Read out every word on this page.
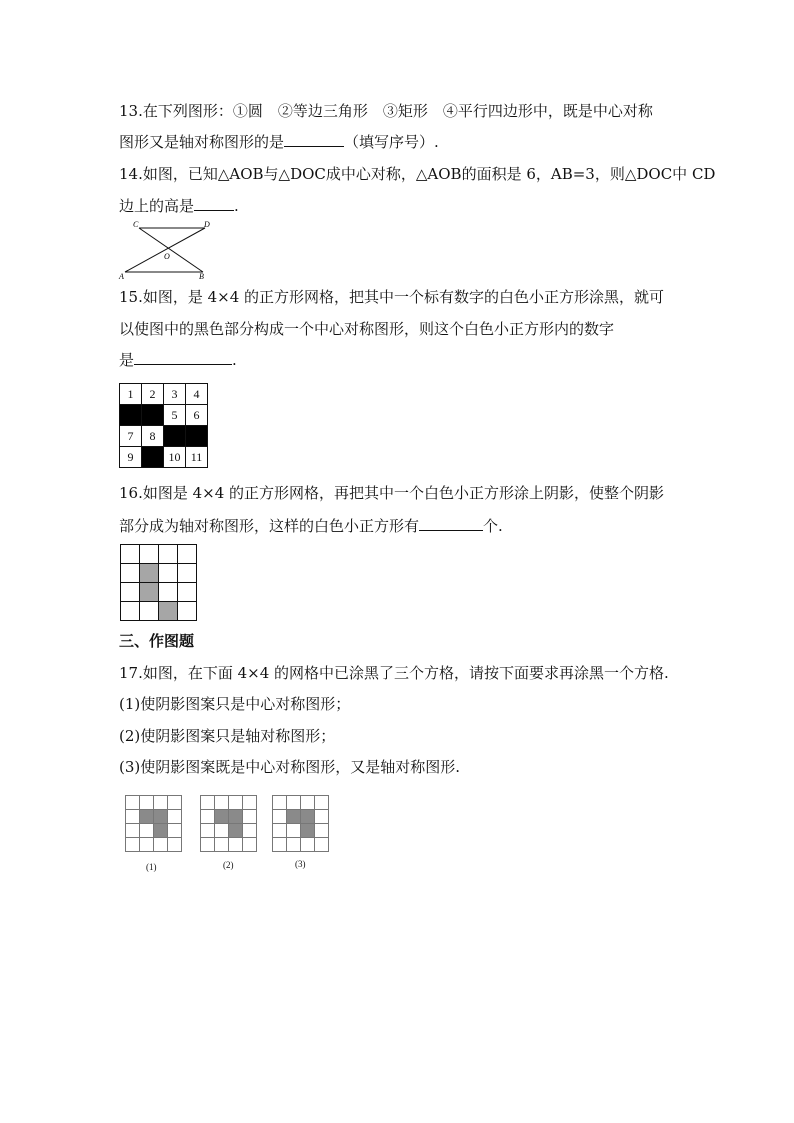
13.在下列图形：①圆　②等边三角形　③矩形　④平行四边形中，既是中心对称
图形又是轴对称图形的是	（填写序号）.
14.如图，已知△AOB与△DOC成中心对称，△AOB的面积是 6，AB=3，则△DOC中 CD
边上的高是	.
C	D
O
A	B
15.如图，是 4×4 的正方形网格，把其中一个标有数字的白色小正方形涂黑，就可
以使图中的黑色部分构成一个中心对称图形，则这个白色小正方形内的数字
是	.
1	2	3	4
		5	6
7	8		
9		10	11
16.如图是 4×4 的正方形网格，再把其中一个白色小正方形涂上阴影，使整个阴影
部分成为轴对称图形，这样的白色小正方形有	个.

三、作图题
17.如图，在下面 4×4 的网格中已涂黑了三个方格，请按下面要求再涂黑一个方格.
(1)使阴影图案只是中心对称图形；
(2)使阴影图案只是轴对称图形；
(3)使阴影图案既是中心对称图形，又是轴对称图形.

(1)	(2)	(3)
